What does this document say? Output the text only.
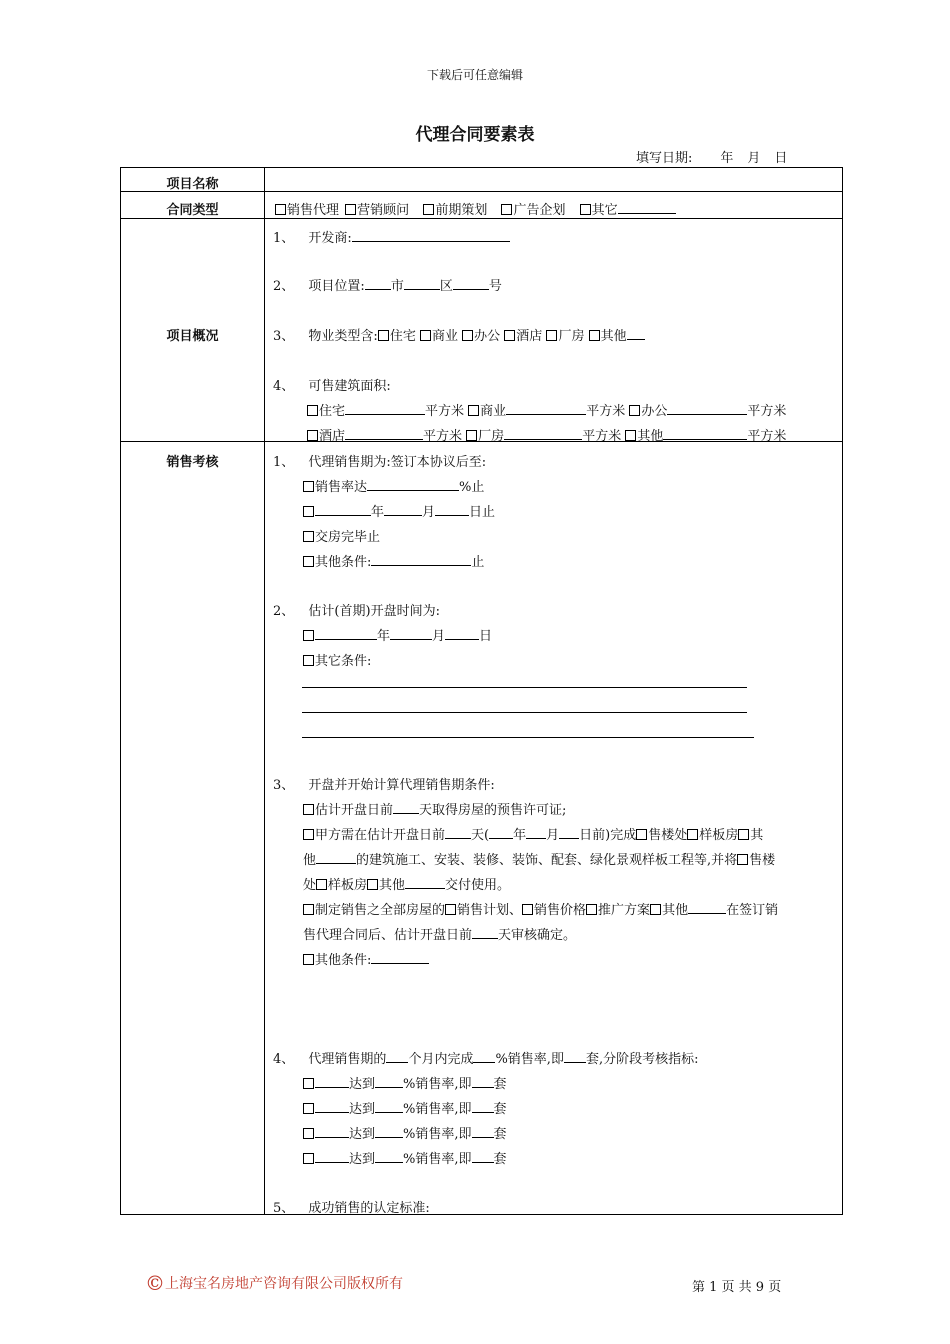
下载后可任意编辑
代理合同要素表
填写日期: 年 月 日
项目名称
合同类型	销售代理 营销顾问 前期策划 广告企划 其它
项目概况
1、 开发商:
2、 项目位置: 市	区	号
3、 物业类型含: 住宅 商业 办公 酒店 厂房 其他
4、 可售建筑面积:
住宅	平方米 商业	平方米 办公	平方米
酒店	平方米 厂房	平方米 其他	平方米
销售考核	1、 代理销售期为:签订本协议后至:
销售率达	%止
年	月	日止
交房完毕止
其他条件:	止
2、 估计(首期)开盘时间为:
年	月	日
其它条件:
3、 开盘并开始计算代理销售期条件:
估计开盘日前 天取得房屋的预售许可证;
甲方需在估计开盘日前 天( 年 月 日前)完成 售楼处 样板房 其
他	的建筑施工、安装、装修、装饰、配套、绿化景观样板工程等,并将 售楼
处 样板房 其他	交付使用。
制定销售之全部房屋的 销售计划、 销售价格 推广方案 其他	在签订销
售代理合同后、估计开盘日前 天审核确定。
其他条件:
4、 代理销售期的 个月内完成 %销售率,即 套,分阶段考核指标:
达到 %销售率,即 套
达到 %销售率,即 套
达到 %销售率,即 套
达到 %销售率,即 套
5、 成功销售的认定标准:
©上海宝名房地产咨询有限公司版权所有	第 1 页 共 9 页
